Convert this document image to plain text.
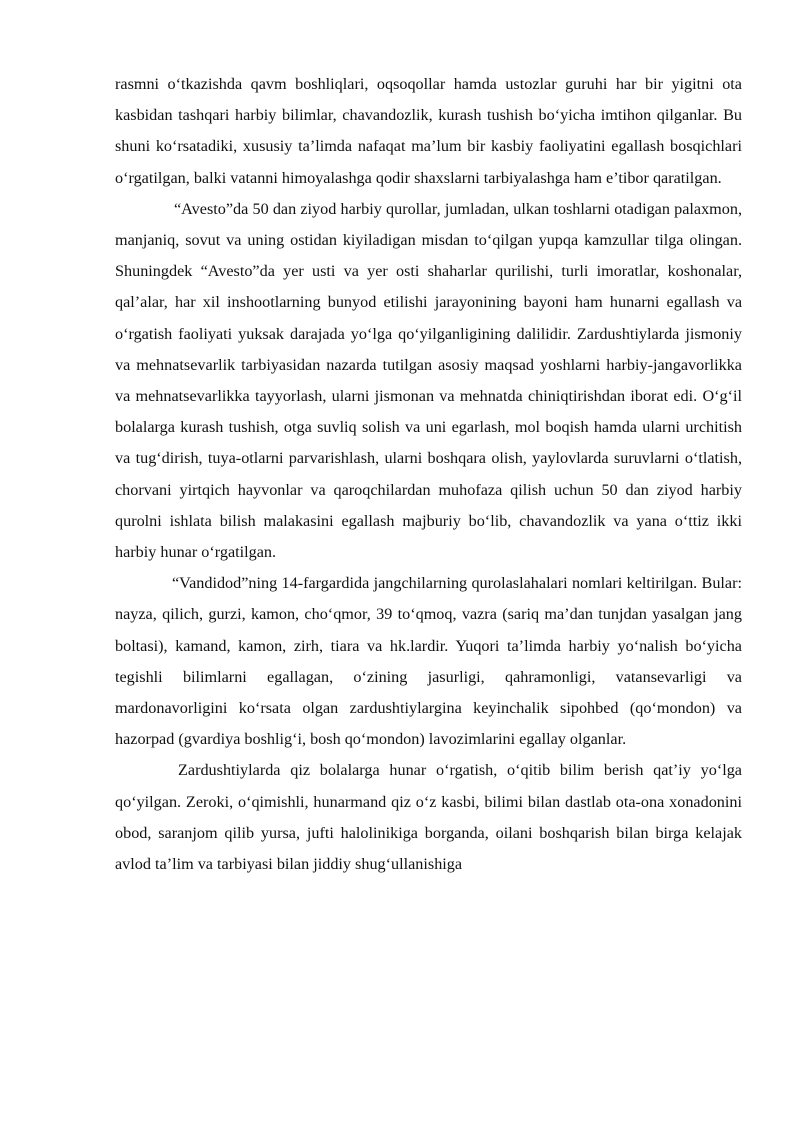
rasmni o‘tkazishda qavm boshliqlari, oqsoqollar hamda ustozlar guruhi har bir yigitni ota kasbidan tashqari harbiy bilimlar, chavandozlik, kurash tushish bo‘yicha imtihon qilganlar. Bu shuni ko‘rsatadiki, xususiy ta’limda nafaqat ma’lum bir kasbiy faoliyatini egallash bosqichlari o‘rgatilgan, balki vatanni himoyalashga qodir shaxslarni tarbiyalashga ham e’tibor qaratilgan.

“Avesto”da 50 dan ziyod harbiy qurollar, jumladan, ulkan toshlarni otadigan palaxmon, manjaniq, sovut va uning ostidan kiyiladigan misdan to‘qilgan yupqa kamzullar tilga olingan. Shuningdek “Avesto”da yer usti va yer osti shaharlar qurilishi, turli imoratlar, koshonalar, qal’alar, har xil inshootlarning bunyod etilishi jarayonining bayoni ham hunarni egallash va o‘rgatish faoliyati yuksak darajada yo‘lga qo‘yilganligining dalilidir. Zardushtiylarda jismoniy va mehnatsevarlik tarbiyasidan nazarda tutilgan asosiy maqsad yoshlarni harbiy-jangavorlikka va mehnatsevarlikka tayyorlash, ularni jismonan va mehnatda chiniqtirishdan iborat edi. O‘g‘il bolalarga kurash tushish, otga suvliq solish va uni egarlash, mol boqish hamda ularni urchitish va tug‘dirish, tuya-otlarni parvarishlash, ularni boshqara olish, yaylovlarda suruvlarni o‘tlatish, chorvani yirtqich hayvonlar va qaroqchilardan muhofaza qilish uchun 50 dan ziyod harbiy qurolni ishlata bilish malakasini egallash majburiy bo‘lib, chavandozlik va yana o‘ttiz ikki harbiy hunar o‘rgatilgan.

“Vandidod”ning 14-fargardida jangchilarning qurolaslahalari nomlari keltirilgan. Bular: nayza, qilich, gurzi, kamon, cho‘qmor, 39 to‘qmoq, vazra (sariq ma’dan tunjdan yasalgan jang boltasi), kamand, kamon, zirh, tiara va hk.lardir. Yuqori ta’limda harbiy yo‘nalish bo‘yicha tegishli bilimlarni egallagan, o‘zining jasurligi, qahramonligi, vatansevarligi va mardonavorligini ko‘rsata olgan zardushtiylargina keyinchalik sipohbed (qo‘mondon) va hazorpad (gvardiya boshlig‘i, bosh qo‘mondon) lavozimlarini egallay olganlar.

Zardushtiylarda qiz bolalarga hunar o‘rgatish, o‘qitib bilim berish qat’iy yo‘lga qo‘yilgan. Zeroki, o‘qimishli, hunarmand qiz o‘z kasbi, bilimi bilan dastlab ota-ona xonadonini obod, saranjom qilib yursa, jufti halolinikiga borganda, oilani boshqarish bilan birga kelajak avlod ta’lim va tarbiyasi bilan jiddiy shug‘ullanishiga
